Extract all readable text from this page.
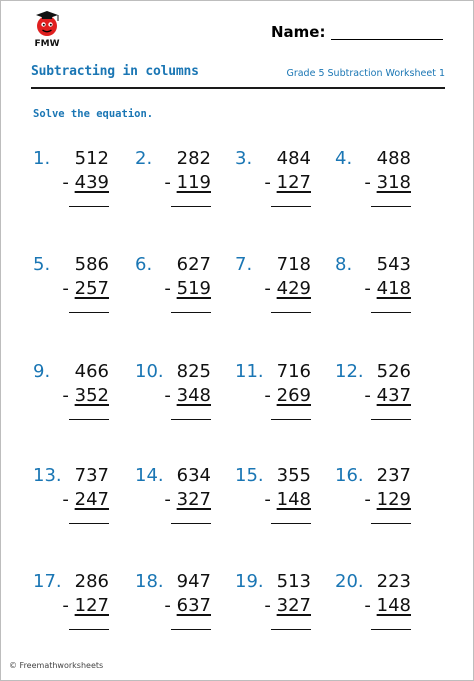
FMW
Name:
Subtracting in columns	Grade 5 Subtraction Worksheet 1
Solve the equation.
1. 512
- 439
2. 282
- 119
3. 484
- 127
4. 488
- 318
5. 586
- 257
6. 627
- 519
7. 718
- 429
8. 543
- 418
9. 466
- 352
10. 825
- 348
11. 716
- 269
12. 526
- 437
13. 737
- 247
14. 634
- 327
15. 355
- 148
16. 237
- 129
17. 286
- 127
18. 947
- 637
19. 513
- 327
20. 223
- 148
© Freemathworksheets
